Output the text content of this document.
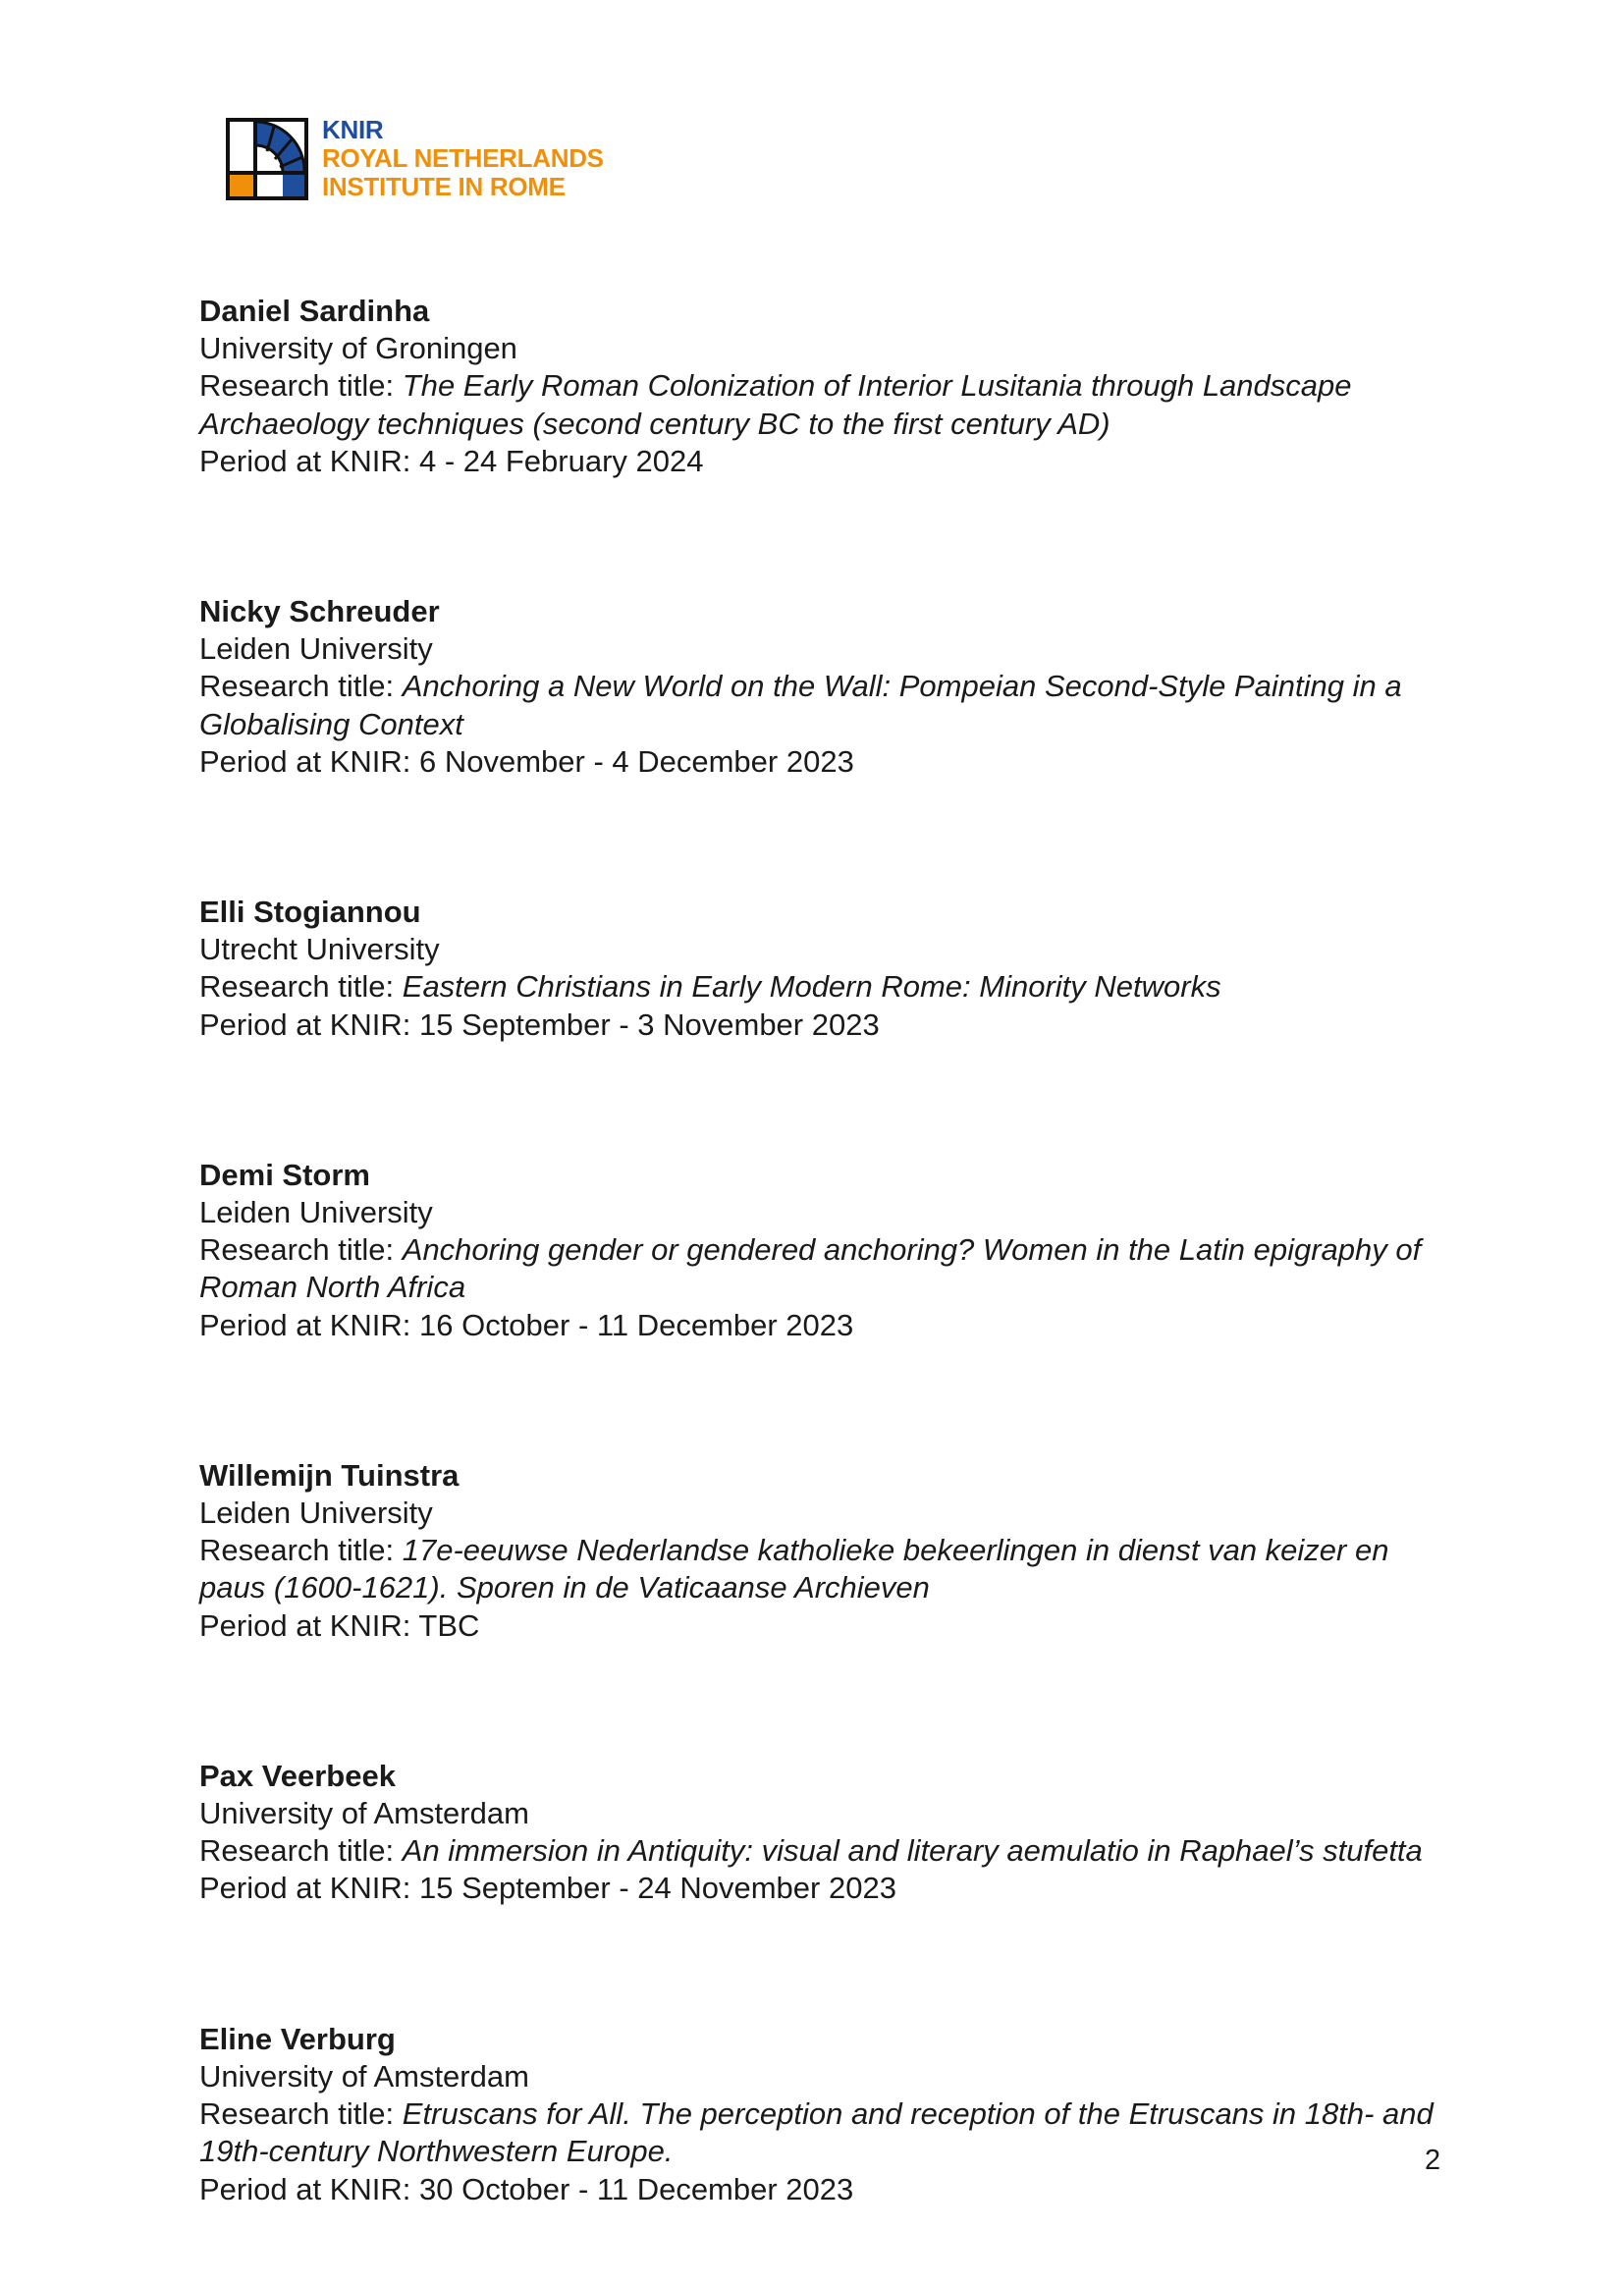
KNIR
ROYAL NETHERLANDS
INSTITUTE IN ROME
Daniel Sardinha
University of Groningen
Research title: The Early Roman Colonization of Interior Lusitania through Landscape
Archaeology techniques (second century BC to the first century AD)
Period at KNIR: 4 - 24 February 2024
Nicky Schreuder
Leiden University
Research title: Anchoring a New World on the Wall: Pompeian Second-Style Painting in a
Globalising Context
Period at KNIR: 6 November - 4 December 2023
Elli Stogiannou
Utrecht University
Research title: Eastern Christians in Early Modern Rome: Minority Networks
Period at KNIR: 15 September - 3 November 2023
Demi Storm
Leiden University
Research title: Anchoring gender or gendered anchoring? Women in the Latin epigraphy of
Roman North Africa
Period at KNIR: 16 October - 11 December 2023
Willemijn Tuinstra
Leiden University
Research title: 17e-eeuwse Nederlandse katholieke bekeerlingen in dienst van keizer en
paus (1600-1621). Sporen in de Vaticaanse Archieven
Period at KNIR: TBC
Pax Veerbeek
University of Amsterdam
Research title: An immersion in Antiquity: visual and literary aemulatio in Raphael’s stufetta
Period at KNIR: 15 September - 24 November 2023
Eline Verburg
University of Amsterdam
Research title: Etruscans for All. The perception and reception of the Etruscans in 18th- and
19th-century Northwestern Europe.
Period at KNIR: 30 October - 11 December 2023
2
